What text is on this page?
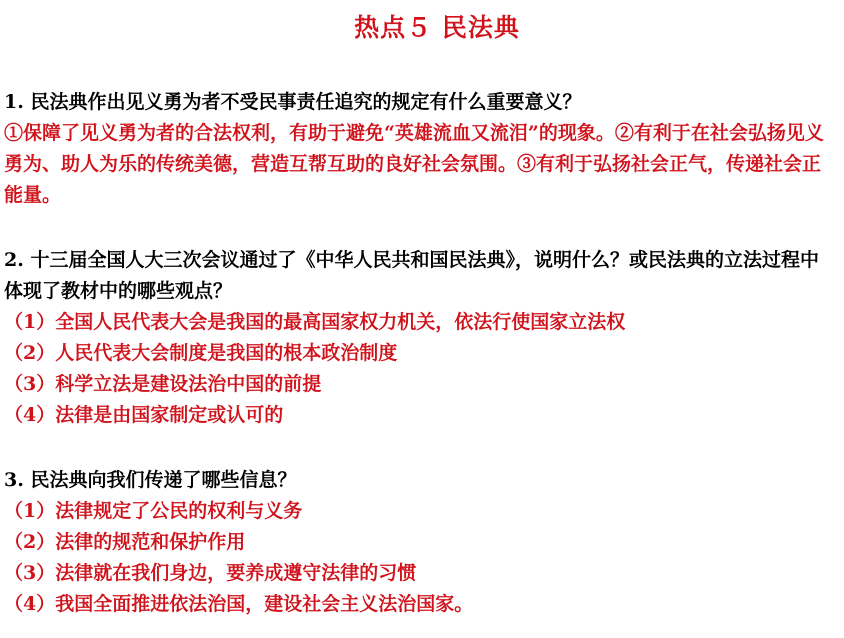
热点５ 民法典

1. 民法典作出见义勇为者不受民事责任追究的规定有什么重要意义？

①保障了见义勇为者的合法权利，有助于避免“英雄流血又流泪”的现象。②有利于在社会弘扬见义勇为、助人为乐的传统美德，营造互帮互助的良好社会氛围。③有利于弘扬社会正气，传递社会正能量。

2. 十三届全国人大三次会议通过了《中华人民共和国民法典》，说明什么？或民法典的立法过程中体现了教材中的哪些观点？

（1）全国人民代表大会是我国的最高国家权力机关，依法行使国家立法权
（2）人民代表大会制度是我国的根本政治制度
（3）科学立法是建设法治中国的前提
（4）法律是由国家制定或认可的

3. 民法典向我们传递了哪些信息？

（1）法律规定了公民的权利与义务
（2）法律的规范和保护作用
（3）法律就在我们身边，要养成遵守法律的习惯
（4）我国全面推进依法治国，建设社会主义法治国家。
